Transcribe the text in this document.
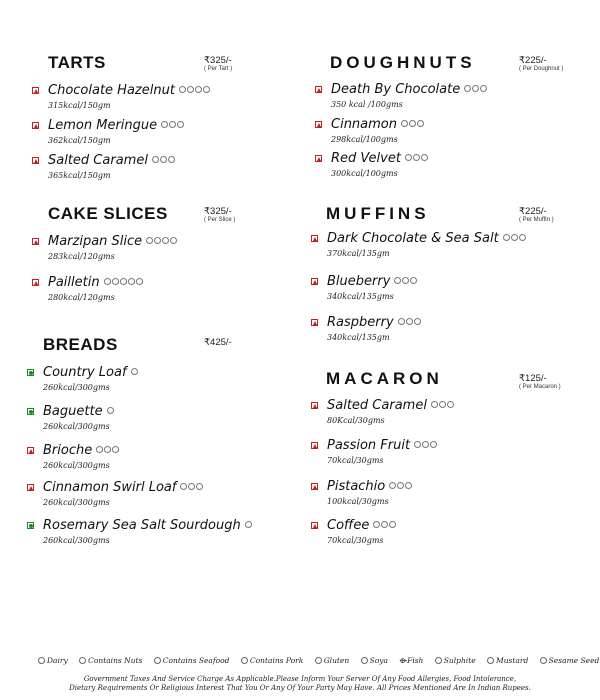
TARTS	₹325/-
( Per Tart )
CAKE SLICES	₹325/-
( Per Slice )
BREADS	₹425/-
DOUGHNUTS	₹225/-
( Per Doughnut )
MUFFINS	₹225/-
( Per Muffin )
MACARON	₹125/-
( Per Macaron )
Dairy	Contains Nuts	Contains Seafood	Contains Pork	Gluten	Soya ⟴Fish	Sulphite	Mustard	Sesame Seed
Government Taxes And Service Charge As Applicable.Please Inform Your Server Of Any Food Allergies, Food Intolerance,
Dietary Requirements Or Religious Interest That You Or Any Of Your Party May Have. All Prices Mentioned Are In Indian Rupees.
Chocolate Hazelnut
315kcal/150gm
Lemon Meringue
362kcal/150gm
Salted Caramel
365kcal/150gm
Marzipan Slice
283kcal/120gms
Pailletin
280kcal/120gms
Country Loaf
260kcal/300gms
Baguette
260kcal/300gms
Brioche
260kcal/300gms
Cinnamon Swirl Loaf
260kcal/300gms
Rosemary Sea Salt Sourdough
260kcal/300gms
Death By Chocolate
350 kcal /100gms
Cinnamon
298kcal/100gms
Red Velvet
300kcal/100gms
Dark Chocolate & Sea Salt
370kcal/135gm
Blueberry
340kcal/135gms
Raspberry
340kcal/135gm
Salted Caramel
80Kcal/30gms
Passion Fruit
70kcal/30gms
Pistachio
100kcal/30gms
Coffee
70kcal/30gms
